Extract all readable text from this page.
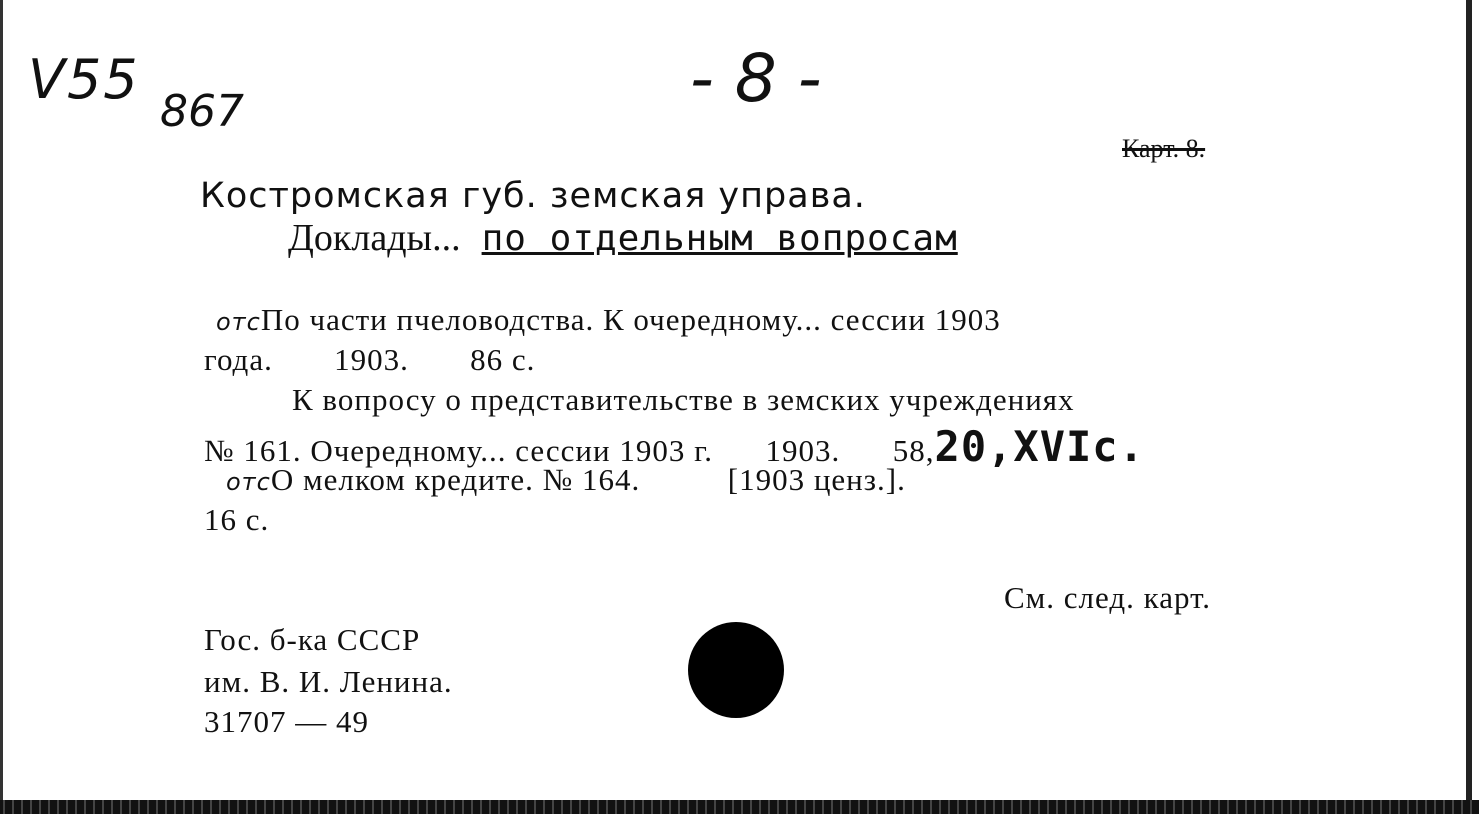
V55
867	- 8 -
Карт. 8.
Костромская губ. земская управа.
Доклады... по отдельным вопросам
отсПо части пчеловодства. К очередному... сессии 1903
года.       1903.       86 с.
К вопросу о представительстве в земских учреждениях
№ 161. Очередному... сессии 1903 г.      1903.      58,20,XVIс.
отсО мелком кредите. № 164.          [1903 ценз.].
16 с.
См. след. карт.
Гос. б-ка СССР
им. В. И. Ленина.
31707 — 49
